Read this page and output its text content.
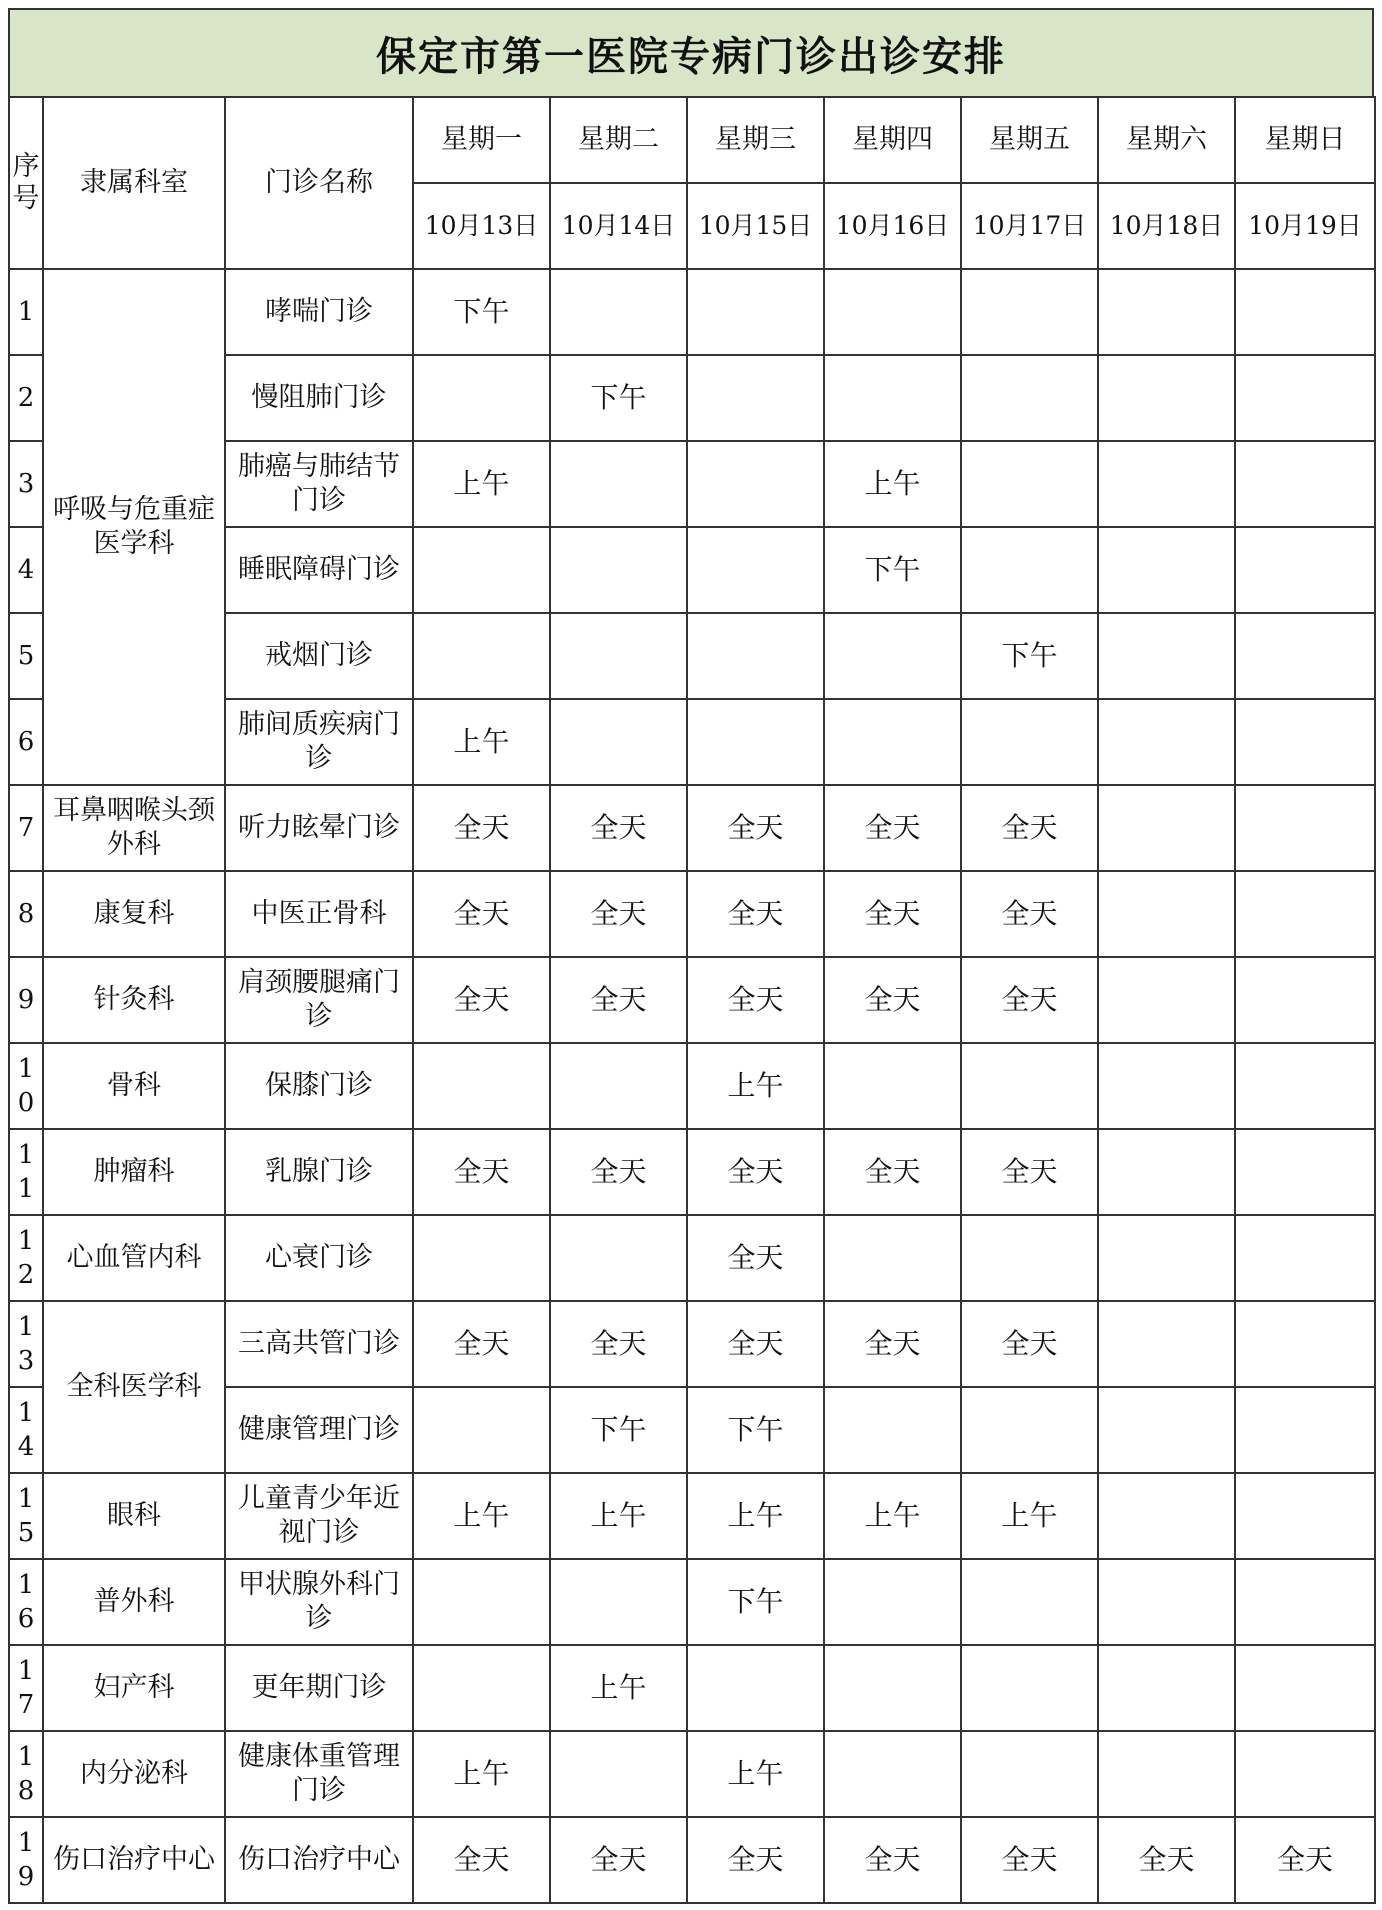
保定市第一医院专病门诊出诊安排
序号	隶属科室	门诊名称	星期一	星期二	星期三	星期四	星期五	星期六	星期日
			10月13日	10月14日	10月15日	10月16日	10月17日	10月18日	10月19日
1	呼吸与危重症医学科	哮喘门诊	下午						
2		慢阻肺门诊		下午					
3		肺癌与肺结节门诊	上午			上午			
4		睡眠障碍门诊				下午			
5		戒烟门诊					下午		
6		肺间质疾病门诊	上午						
7	耳鼻咽喉头颈外科	听力眩晕门诊	全天	全天	全天	全天	全天		
8	康复科	中医正骨科	全天	全天	全天	全天	全天		
9	针灸科	肩颈腰腿痛门诊	全天	全天	全天	全天	全天		
10	骨科	保膝门诊			上午				
11	肿瘤科	乳腺门诊	全天	全天	全天	全天	全天		
12	心血管内科	心衰门诊			全天				
13	全科医学科	三高共管门诊	全天	全天	全天	全天	全天		
14		健康管理门诊		下午	下午				
15	眼科	儿童青少年近视门诊	上午	上午	上午	上午	上午		
16	普外科	甲状腺外科门诊			下午				
17	妇产科	更年期门诊		上午					
18	内分泌科	健康体重管理门诊	上午		上午				
19	伤口治疗中心	伤口治疗中心	全天	全天	全天	全天	全天	全天	全天
